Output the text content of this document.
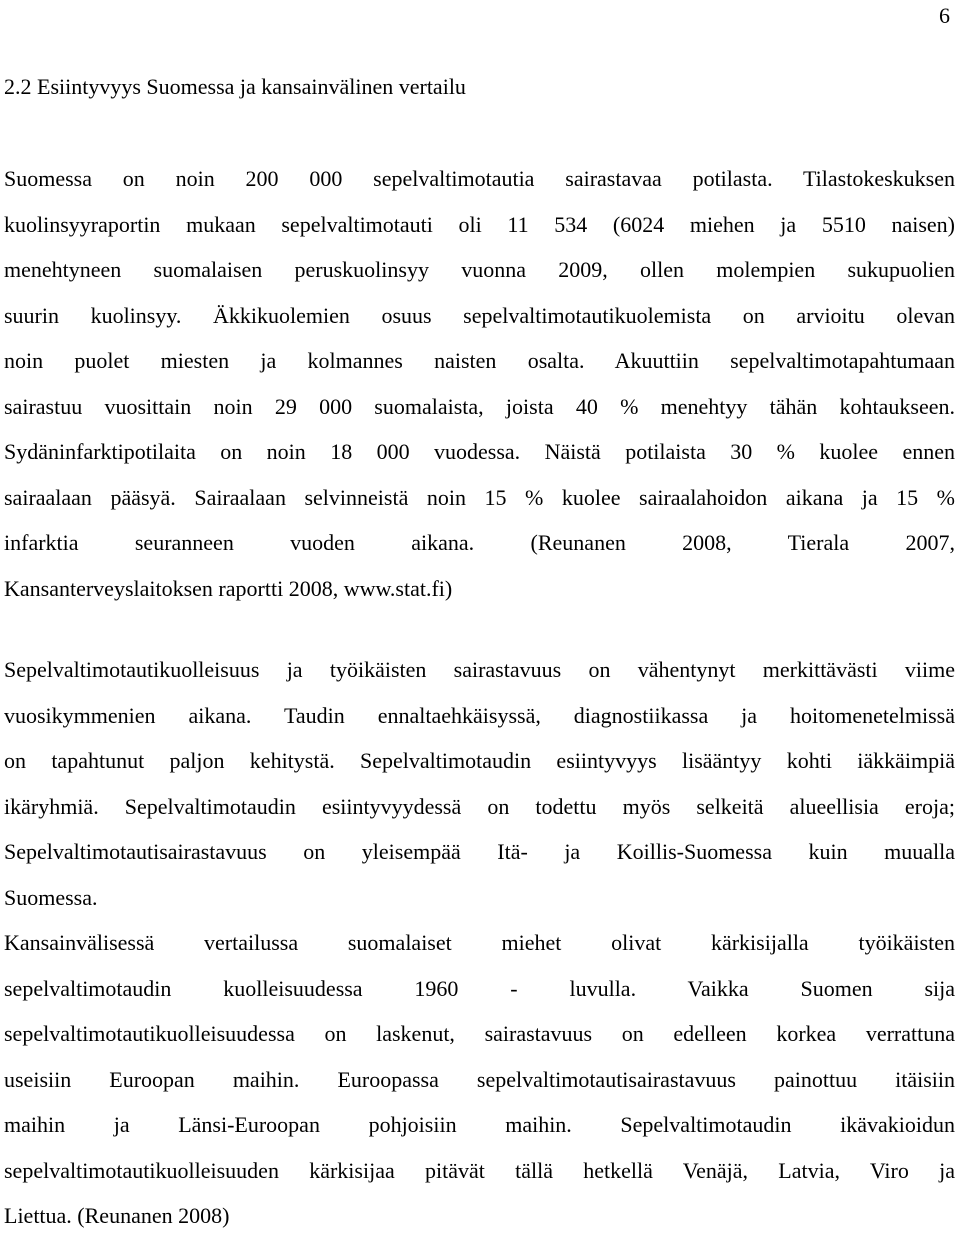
6
2.2 Esiintyvyys Suomessa ja kansainvälinen vertailu
Suomessa on noin 200 000 sepelvaltimotautia sairastavaa potilasta. Tilastokeskuksen
kuolinsyyraportin mukaan sepelvaltimotauti oli 11 534 (6024 miehen ja 5510 naisen)
menehtyneen suomalaisen peruskuolinsyy vuonna 2009, ollen molempien sukupuolien
suurin kuolinsyy. Äkkikuolemien osuus sepelvaltimotautikuolemista on arvioitu olevan
noin puolet miesten ja kolmannes naisten osalta. Akuuttiin sepelvaltimotapahtumaan
sairastuu vuosittain noin 29 000 suomalaista, joista 40 % menehtyy tähän kohtaukseen.
Sydäninfarktipotilaita on noin 18 000 vuodessa. Näistä potilaista 30 % kuolee ennen
sairaalaan pääsyä. Sairaalaan selvinneistä noin 15 % kuolee sairaalahoidon aikana ja 15 %
infarktia seuranneen vuoden aikana. (Reunanen 2008, Tierala 2007,
Kansanterveyslaitoksen raportti 2008, www.stat.fi)
Sepelvaltimotautikuolleisuus ja työikäisten sairastavuus on vähentynyt merkittävästi viime
vuosikymmenien aikana. Taudin ennaltaehkäisyssä, diagnostiikassa ja hoitomenetelmissä
on tapahtunut paljon kehitystä. Sepelvaltimotaudin esiintyvyys lisääntyy kohti iäkkäimpiä
ikäryhmiä. Sepelvaltimotaudin esiintyvyydessä on todettu myös selkeitä alueellisia eroja;
Sepelvaltimotautisairastavuus on yleisempää Itä- ja Koillis-Suomessa kuin muualla
Suomessa.
Kansainvälisessä vertailussa suomalaiset miehet olivat kärkisijalla työikäisten
sepelvaltimotaudin kuolleisuudessa 1960 - luvulla. Vaikka Suomen sija
sepelvaltimotautikuolleisuudessa on laskenut, sairastavuus on edelleen korkea verrattuna
useisiin Euroopan maihin. Euroopassa sepelvaltimotautisairastavuus painottuu itäisiin
maihin ja Länsi-Euroopan pohjoisiin maihin. Sepelvaltimotaudin ikävakioidun
sepelvaltimotautikuolleisuuden kärkisijaa pitävät tällä hetkellä Venäjä, Latvia, Viro ja
Liettua. (Reunanen 2008)
